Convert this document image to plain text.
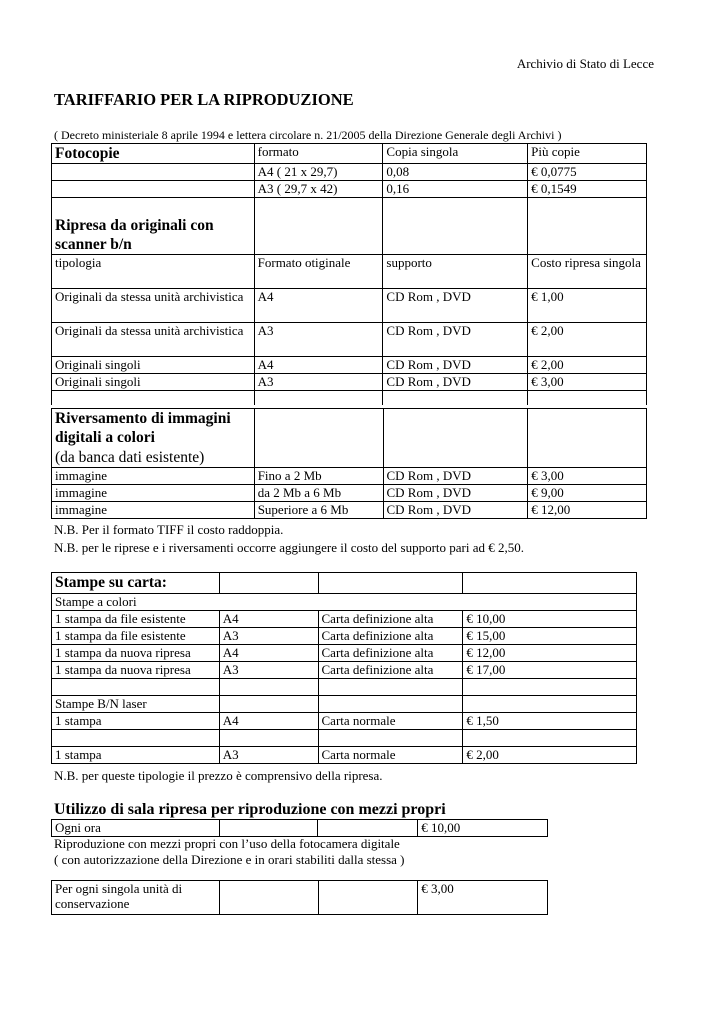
Archivio di Stato di Lecce
TARIFFARIO PER LA RIPRODUZIONE
( Decreto ministeriale 8 aprile 1994 e lettera circolare n. 21/2005 della Direzione Generale degli Archivi )
Fotocopie	formato	Copia singola	Più copie
	A4 ( 21 x 29,7)	0,08	€ 0,0775
	A3 ( 29,7 x 42)	0,16	€ 0,1549
Ripresa da originali con scanner b/n			
tipologia	Formato otiginale	supporto	Costo ripresa singola
Originali da stessa unità archivistica	A4	CD Rom , DVD	€ 1,00
Originali da stessa unità archivistica	A3	CD Rom , DVD	€ 2,00
Originali singoli	A4	CD Rom , DVD	€ 2,00
Originali singoli	A3	CD Rom , DVD	€ 3,00

Riversamento di immagini digitali a colori
(da banca dati esistente)			

immagine	Fino a 2 Mb	CD Rom , DVD	€ 3,00
immagine	da 2 Mb a 6 Mb	CD Rom , DVD	€ 9,00
immagine	Superiore a 6 Mb	CD Rom , DVD	€ 12,00
N.B. Per il formato TIFF il costo raddoppia.
N.B. per le riprese e i riversamenti occorre aggiungere il costo del supporto pari ad € 2,50.
Stampe su carta:			
Stampe a colori			
1 stampa da file esistente	A4	Carta definizione alta	€ 10,00
1 stampa da file esistente	A3	Carta definizione alta	€ 15,00
1 stampa da nuova ripresa	A4	Carta definizione alta	€ 12,00
1 stampa da nuova ripresa	A3	Carta definizione alta	€ 17,00

Stampe B/N laser			
1 stampa	A4	Carta normale	€ 1,50

1 stampa	A3	Carta normale	€ 2,00
N.B. per queste tipologie il prezzo è comprensivo della ripresa.
Utilizzo di sala ripresa per riproduzione con mezzi propri
Ogni ora			€ 10,00
Riproduzione con mezzi propri con l’uso della fotocamera digitale
( con autorizzazione della Direzione e in orari stabiliti dalla stessa )
Per ogni singola unità di conservazione			€ 3,00
